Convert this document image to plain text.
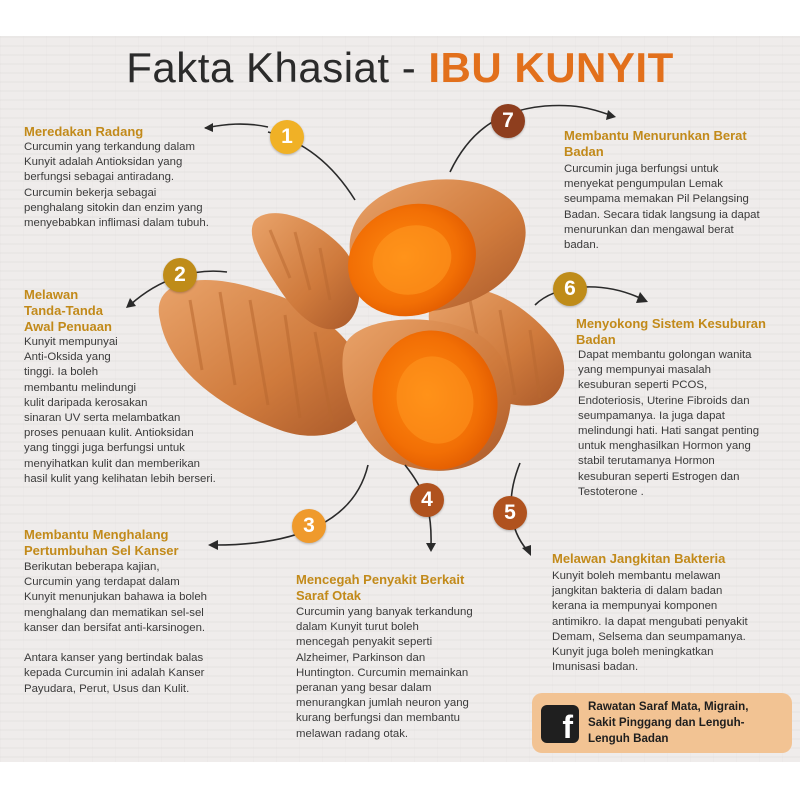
Fakta Khasiat - IBU KUNYIT
1
2
3
4
5
6
7
Meredakan Radang
Curcumin yang terkandung dalam
Kunyit adalah Antioksidan yang
berfungsi sebagai antiradang.
Curcumin bekerja sebagai
penghalang sitokin dan enzim yang
menyebabkan inflimasi dalam tubuh.
Melawan
Tanda-Tanda
Awal Penuaan
Kunyit mempunyai
Anti-Oksida yang
tinggi. Ia boleh
membantu melindungi
kulit daripada kerosakan
sinaran UV serta melambatkan
proses penuaan kulit. Antioksidan
yang tinggi juga berfungsi untuk
menyihatkan kulit dan memberikan
hasil kulit yang kelihatan lebih berseri.
Membantu Menghalang
Pertumbuhan Sel Kanser
Berikutan beberapa kajian,
Curcumin yang terdapat dalam
Kunyit menunjukan bahawa ia boleh
menghalang dan mematikan sel-sel
kanser dan bersifat anti-karsinogen.

Antara kanser yang bertindak balas
kepada Curcumin ini adalah Kanser
Payudara, Perut, Usus dan Kulit.
Mencegah Penyakit Berkait
Saraf Otak
Curcumin yang banyak terkandung
dalam Kunyit turut boleh
mencegah penyakit seperti
Alzheimer, Parkinson dan
Huntington. Curcumin memainkan
peranan yang besar dalam
menurangkan jumlah neuron yang
kurang berfungsi dan membantu
melawan radang otak.
Melawan Jangkitan Bakteria
Kunyit boleh membantu melawan
jangkitan bakteria di dalam badan
kerana ia mempunyai komponen
antimikro. Ia dapat mengubati penyakit
Demam, Selsema dan seumpamanya.
Kunyit juga boleh meningkatkan
Imunisasi badan.
Menyokong Sistem Kesuburan
Badan
Dapat membantu golongan wanita
yang mempunyai masalah
kesuburan seperti PCOS,
Endoteriosis, Uterine Fibroids dan
seumpamanya. Ia juga dapat
melindungi hati. Hati sangat penting
untuk menghasilkan Hormon yang
stabil terutamanya Hormon
kesuburan seperti Estrogen dan
Testoterone .
Membantu Menurunkan Berat
Badan
Curcumin juga berfungsi untuk
menyekat pengumpulan Lemak
seumpama memakan Pil Pelangsing
Badan. Secara tidak langsung ia dapat
menurunkan dan mengawal berat
badan.
f
Rawatan Saraf Mata, Migrain,
Sakit Pinggang dan Lenguh-
Lenguh Badan
